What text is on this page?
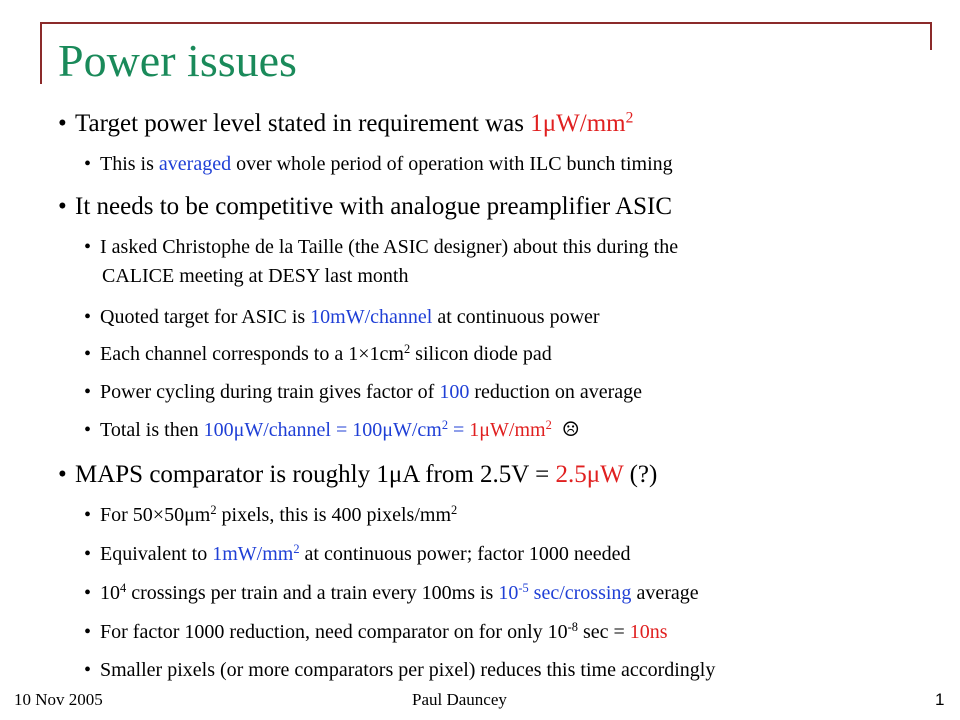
Power issues
• Target power level stated in requirement was $1\mu W/mm^2$
• This is averaged over whole period of operation with ILC bunch timing
• It needs to be competitive with analogue preamplifier ASIC
• I asked Christophe de la Taille (the ASIC designer) about this during the
CALICE meeting at DESY last month
• Quoted target for ASIC is 10mW/channel at continuous power
• Each channel corresponds to a $1\times 1cm^2$ silicon diode pad
• Power cycling during train gives factor of 100 reduction on average
• Total is then 100μW/channel = $100\mu W/cm^2 = 1\mu W/mm^2$ ☹
• MAPS comparator is roughly 1μA from 2.5V = 2.5μW (?)
• For $50\times 50\mu m^2$ pixels, this is 400 pixels/$mm^2$
• Equivalent to $1mW/mm^2$ at continuous power; factor 1000 needed
• $10^4$ crossings per train and a train every 100ms is $10^{-5}$ sec/crossing average
• For factor 1000 reduction, need comparator on for only $10^{-8}$ sec = 10ns
• Smaller pixels (or more comparators per pixel) reduces this time accordingly
10 Nov 2005	Paul Dauncey	1
